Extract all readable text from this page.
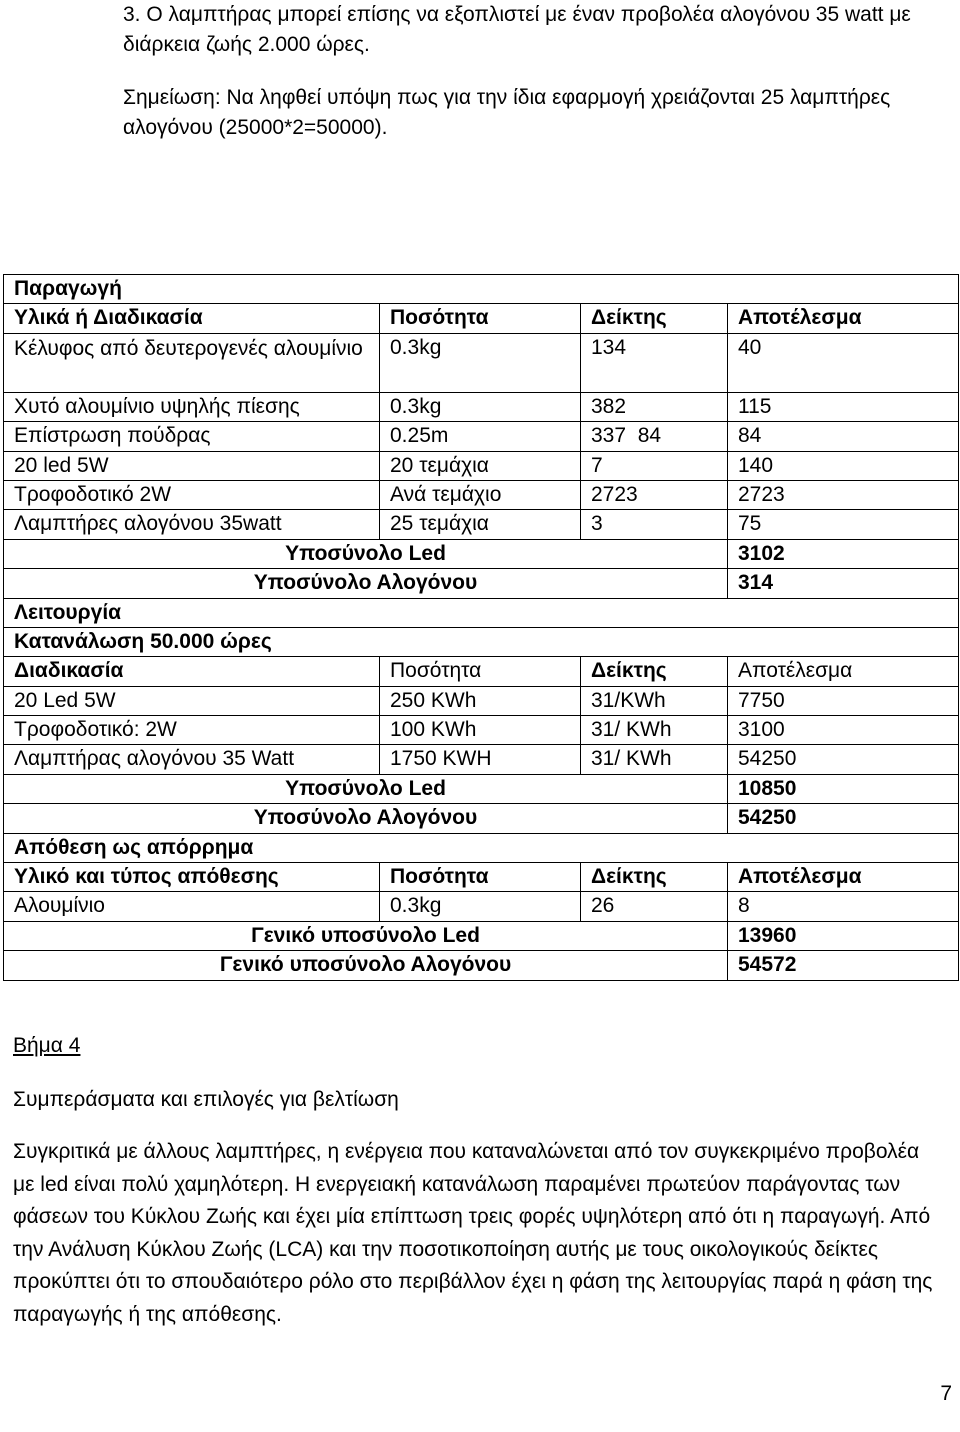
3. Ο λαμπτήρας μπορεί επίσης να εξοπλιστεί με έναν προβολέα αλογόνου 35 watt με διάρκεια ζωής 2.000 ώρες.

Σημείωση: Να ληφθεί υπόψη πως για την ίδια εφαρμογή χρειάζονται 25 λαμπτήρες αλογόνου (25000*2=50000).

Παραγωγή			
Υλικά ή Διαδικασία	Ποσότητα	Δείκτης	Αποτέλεσμα
Κέλυφος από δευτερογενές αλουμίνιο	0.3kg	134	40
Χυτό αλουμίνιο υψηλής πίεσης	0.3kg	382	115
Επίστρωση πούδρας	0.25m	337  84	84
20 led 5W	20 τεμάχια	7	140
Τροφοδοτικό 2W	Ανά τεμάχιο	2723	2723
Λαμπτήρες αλογόνου 35watt	25 τεμάχια	3	75
Υποσύνολο Led			3102
Υποσύνολο Αλογόνου			314
Λειτουργία			
Κατανάλωση 50.000 ώρες			
Διαδικασία	Ποσότητα	Δείκτης	Αποτέλεσμα
20 Led 5W	250 KWh	31/KWh	7750
Τροφοδοτικό: 2W	100 KWh	31/ KWh	3100
Λαμπτήρας αλογόνου 35 Watt	1750 KWH	31/ KWh	54250
Υποσύνολο Led			10850
Υποσύνολο Αλογόνου			54250
Απόθεση ως απόρρημα			
Υλικό και τύπος απόθεσης	Ποσότητα	Δείκτης	Αποτέλεσμα
Αλουμίνιο	0.3kg	26	8
Γενικό υποσύνολο Led			13960
Γενικό υποσύνολο Αλογόνου			54572

Βήμα 4

Συμπεράσματα και επιλογές για βελτίωση

Συγκριτικά με άλλους λαμπτήρες, η ενέργεια που καταναλώνεται από τον συγκεκριμένο προβολέα με led είναι πολύ χαμηλότερη. Η ενεργειακή κατανάλωση παραμένει πρωτεύον παράγοντας των φάσεων του Κύκλου Ζωής και έχει μία επίπτωση τρεις φορές υψηλότερη από ότι η παραγωγή. Από την Ανάλυση Κύκλου Ζωής (LCA) και την ποσοτικοποίηση αυτής με τους οικολογικούς δείκτες προκύπτει ότι το σπουδαιότερο ρόλο στο περιβάλλον έχει η φάση της λειτουργίας παρά η φάση της παραγωγής ή της απόθεσης.

7
